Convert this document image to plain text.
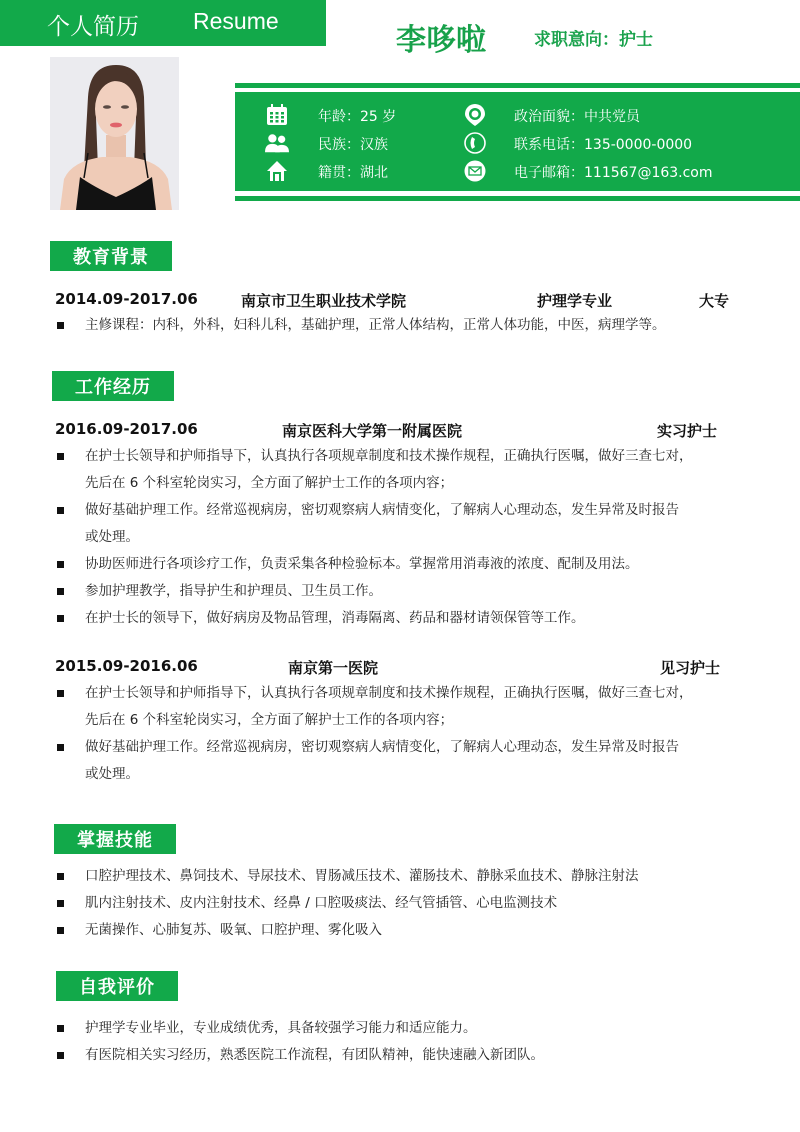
个人简历 Resume
李哆啦	求职意向：护士
年龄：25 岁
民族：汉族
籍贯：湖北
政治面貌：中共党员
联系电话：135-0000-0000
电子邮箱：111567@163.com
教育背景
2014.09-2017.06	南京市卫生职业技术学院	护理学专业	大专
主修课程：内科，外科，妇科儿科，基础护理，正常人体结构，正常人体功能，中医，病理学等。
工作经历
2016.09-2017.06	南京医科大学第一附属医院	实习护士
在护士长领导和护师指导下，认真执行各项规章制度和技术操作规程，正确执行医嘱，做好三查七对，
先后在 6 个科室轮岗实习，全方面了解护士工作的各项内容；
做好基础护理工作。经常巡视病房，密切观察病人病情变化，了解病人心理动态，发生异常及时报告
或处理。
协助医师进行各项诊疗工作，负责采集各种检验标本。掌握常用消毒液的浓度、配制及用法。
参加护理教学，指导护生和护理员、卫生员工作。
在护士长的领导下，做好病房及物品管理，消毒隔离、药品和器材请领保管等工作。
2015.09-2016.06	南京第一医院	见习护士
在护士长领导和护师指导下，认真执行各项规章制度和技术操作规程，正确执行医嘱，做好三查七对，
先后在 6 个科室轮岗实习，全方面了解护士工作的各项内容；
做好基础护理工作。经常巡视病房，密切观察病人病情变化，了解病人心理动态，发生异常及时报告
或处理。
掌握技能
口腔护理技术、鼻饲技术、导尿技术、胃肠减压技术、灌肠技术、静脉采血技术、静脉注射法
肌内注射技术、皮内注射技术、经鼻 / 口腔吸痰法、经气管插管、心电监测技术
无菌操作、心肺复苏、吸氧、口腔护理、雾化吸入
自我评价
护理学专业毕业，专业成绩优秀，具备较强学习能力和适应能力。
有医院相关实习经历，熟悉医院工作流程，有团队精神，能快速融入新团队。
